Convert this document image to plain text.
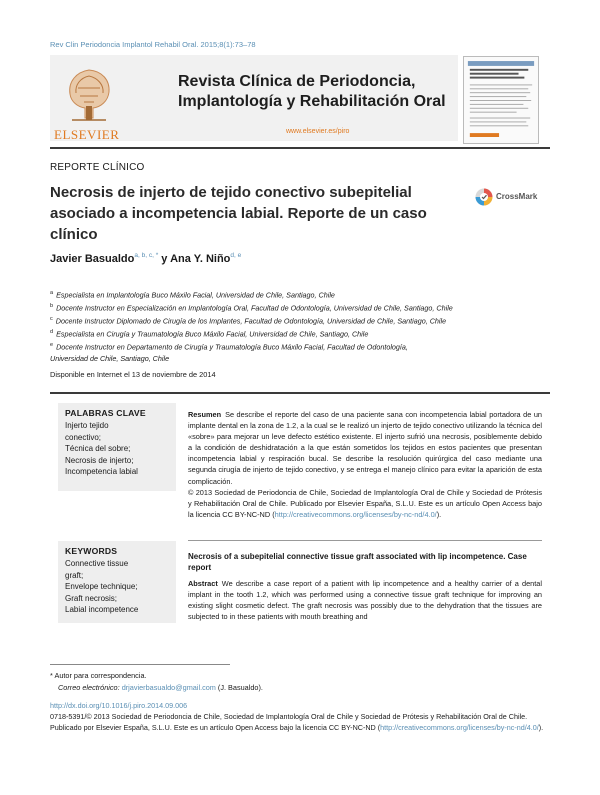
Rev Clin Periodoncia Implantol Rehabil Oral. 2015;8(1):73–78
ELSEVIER
Revista Clínica de Periodoncia,
Implantología y Rehabilitación Oral
www.elsevier.es/piro
REPORTE CLÍNICO
Necrosis de injerto de tejido conectivo subepitelial asociado a incompetencia labial. Reporte de un caso clínico
CrossMark
Javier Basualdo$^{a, b, c, *}$ y Ana Y. Niño$^{d, e}$
$^a$ Especialista en Implantología Buco Máxilo Facial, Universidad de Chile, Santiago, Chile
$^b$ Docente Instructor en Especialización en Implantología Oral, Facultad de Odontología, Universidad de Chile, Santiago, Chile
$^c$ Docente Instructor Diplomado de Cirugía de los Implantes, Facultad de Odontología, Universidad de Chile, Santiago, Chile
$^d$ Especialista en Cirugía y Traumatología Buco Máxilo Facial, Universidad de Chile, Santiago, Chile
$^e$ Docente Instructor en Departamento de Cirugía y Traumatología Buco Máxilo Facial, Facultad de Odontología,
Universidad de Chile, Santiago, Chile
Disponible en Internet el 13 de noviembre de 2014
PALABRAS CLAVE
Injerto tejido
conectivo;
Técnica del sobre;
Necrosis de injerto;
Incompetencia labial
Resumen Se describe el reporte del caso de una paciente sana con incompetencia labial portadora de un implante dental en la zona de 1.2, a la cual se le realizó un injerto de tejido conectivo utilizando la técnica del «sobre» para mejorar un leve defecto estético existente. El injerto sufrió una necrosis, posiblemente debido a la condición de deshidratación a la que están sometidos los tejidos en estos pacientes que presentan incompetencia labial y respiración bucal. Se describe la resolución quirúrgica del caso mediante una segunda cirugía de injerto de tejido conectivo, y se entrega el manejo clínico para evitar la aparición de esta complicación.
© 2013 Sociedad de Periodoncia de Chile, Sociedad de Implantología Oral de Chile y Sociedad de Prótesis y Rehabilitación Oral de Chile. Publicado por Elsevier España, S.L.U. Este es un artículo Open Access bajo la licencia CC BY-NC-ND (http://creativecommons.org/licenses/by-nc-nd/4.0/).
KEYWORDS
Connective tissue
graft;
Envelope technique;
Graft necrosis;
Labial incompetence
Necrosis of a subepitelial connective tissue graft associated with lip incompetence. Case report
Abstract We describe a case report of a patient with lip incompetence and a healthy carrier of a dental implant in the tooth 1.2, which was performed using a connective tissue graft technique for improving an existing slight cosmetic defect. The graft necrosis was possibly due to the dehydration that the tissues are subjected to in these patients with mouth breathing and
* Autor para correspondencia.
Correo electrónico: drjavierbasualdo@gmail.com (J. Basualdo).
http://dx.doi.org/10.1016/j.piro.2014.09.006
0718-5391/© 2013 Sociedad de Periodoncia de Chile, Sociedad de Implantología Oral de Chile y Sociedad de Prótesis y Rehabilitación Oral de Chile. Publicado por Elsevier España, S.L.U. Este es un artículo Open Access bajo la licencia CC BY-NC-ND (http://creativecommons.org/licenses/by-nc-nd/4.0/).
